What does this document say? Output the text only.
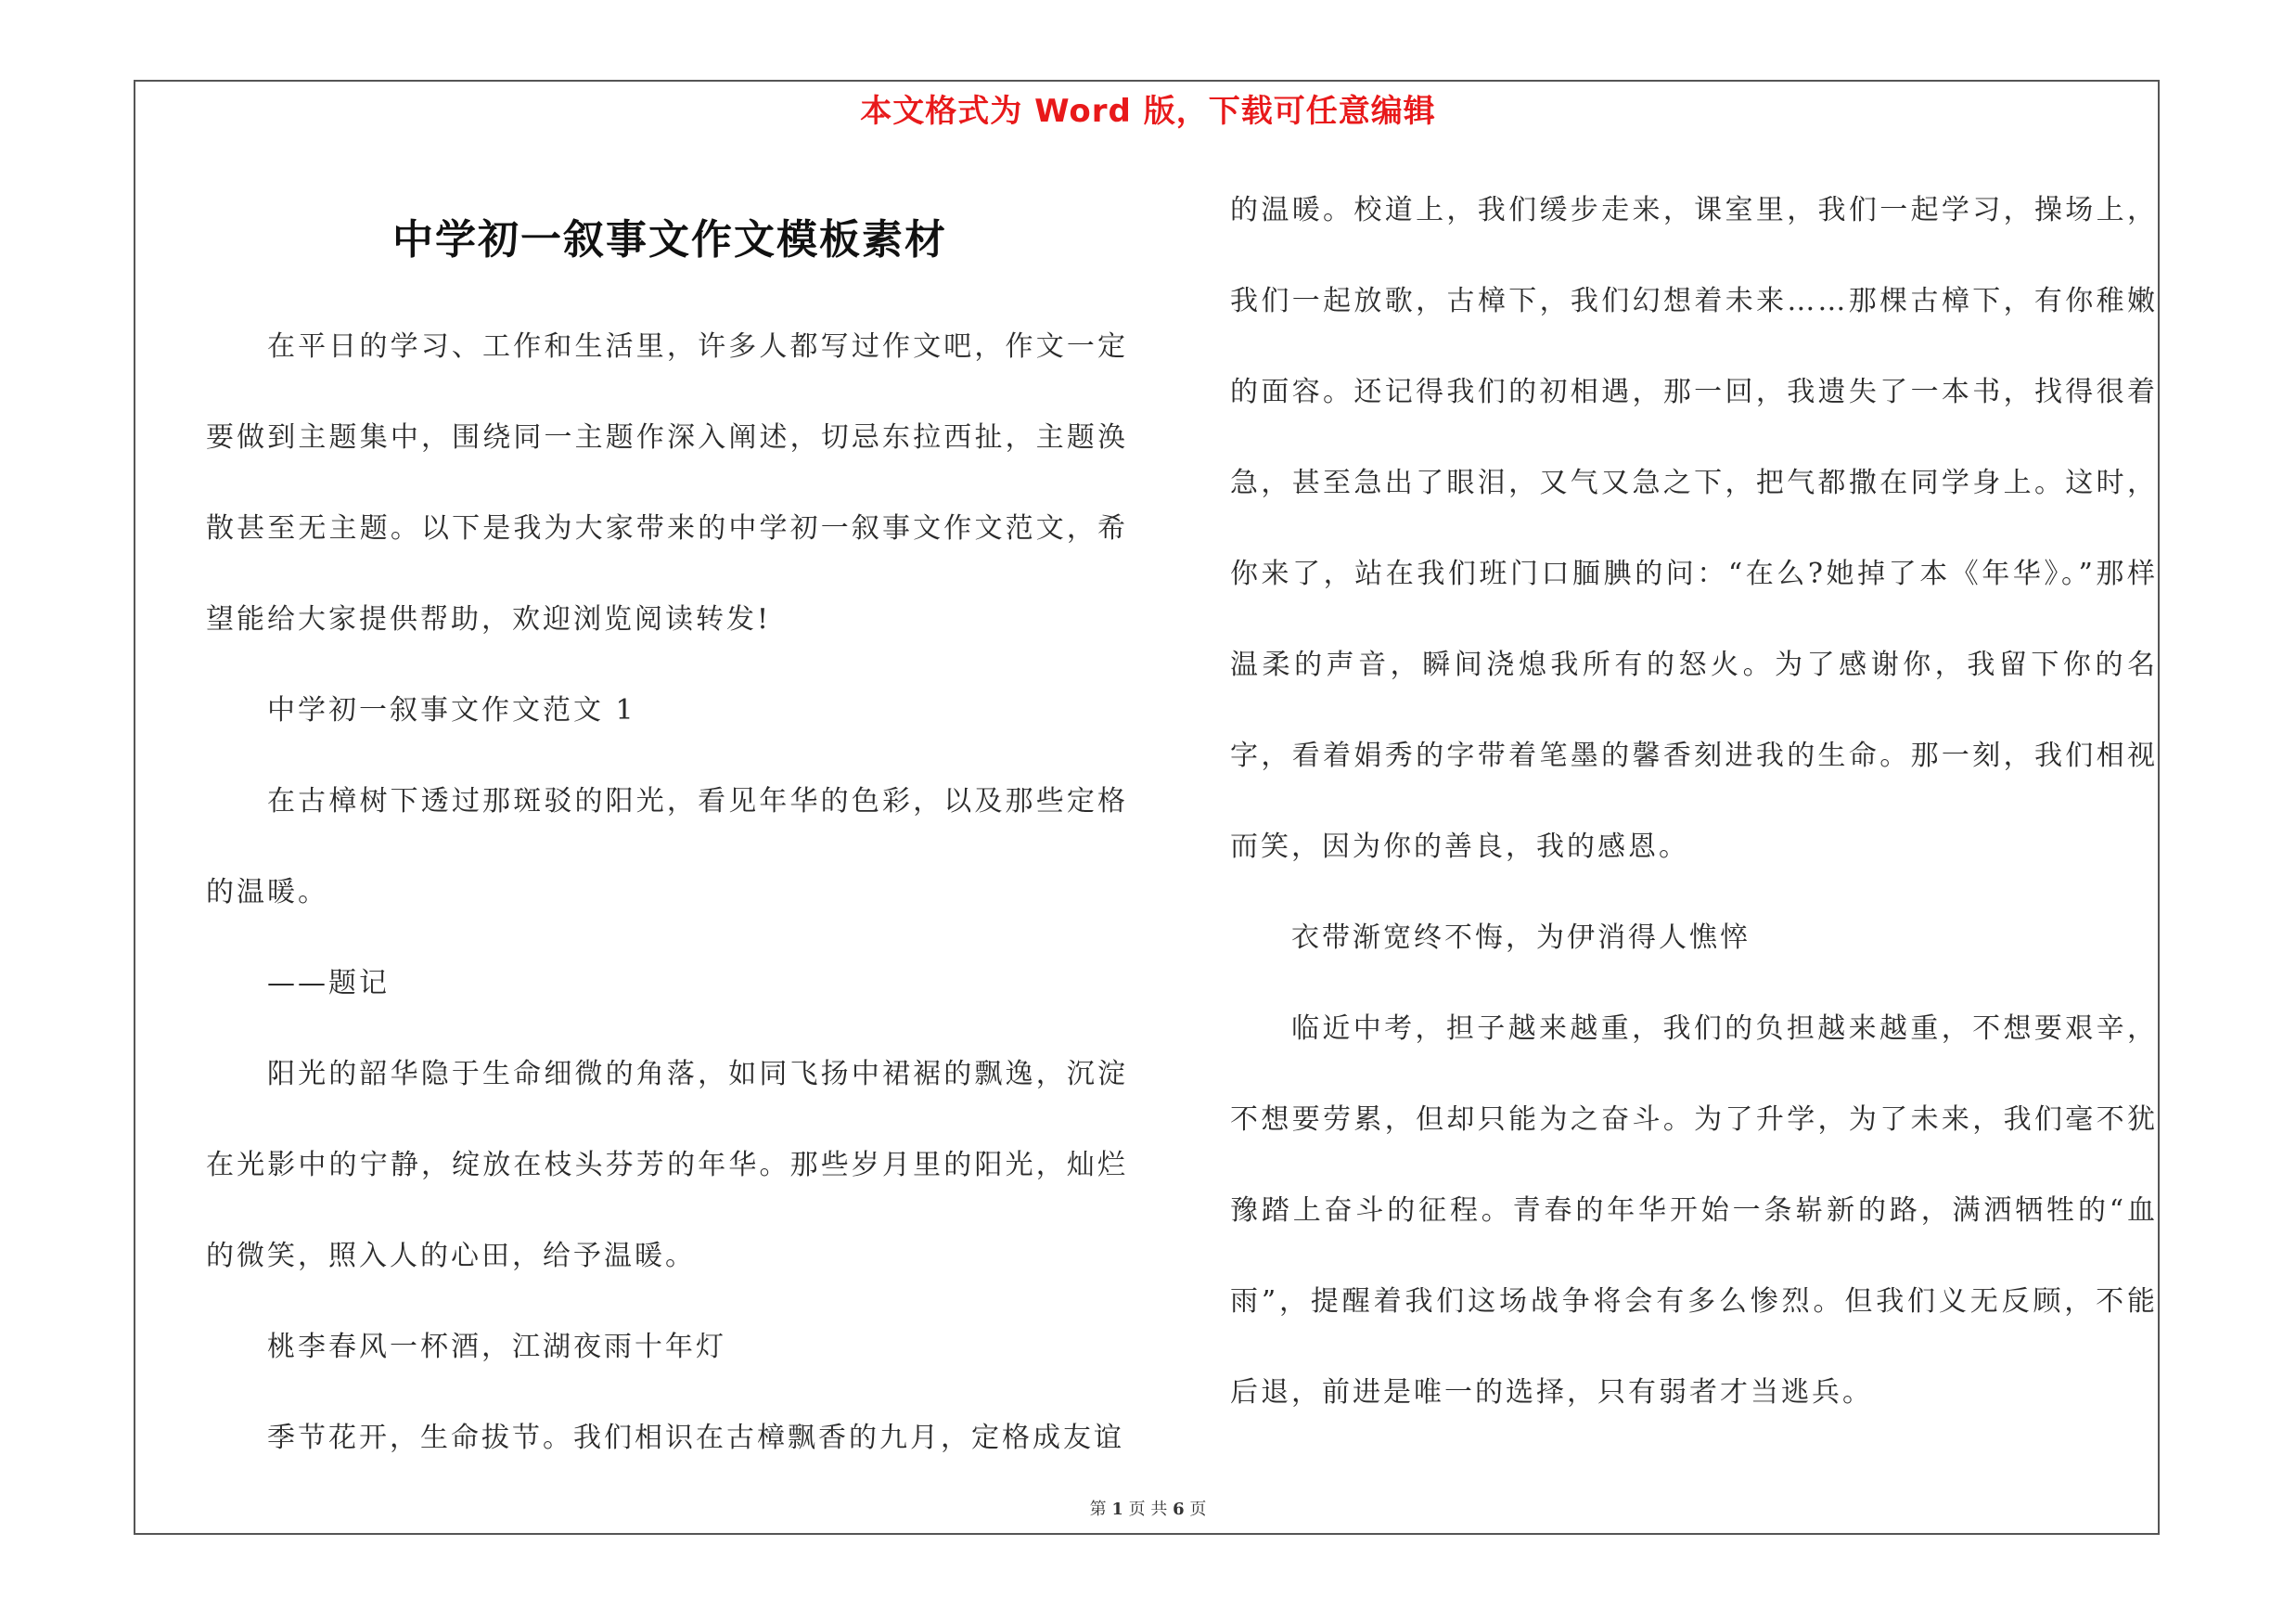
本文格式为 Word 版，下载可任意编辑
中学初一叙事文作文模板素材

在平日的学习、工作和生活里，许多人都写过作文吧，作文一定要做到主题集中，围绕同一主题作深入阐述，切忌东拉西扯，主题涣散甚至无主题。以下是我为大家带来的中学初一叙事文作文范文，希望能给大家提供帮助，欢迎浏览阅读转发!

中学初一叙事文作文范文 1

在古樟树下透过那斑驳的阳光，看见年华的色彩，以及那些定格的温暖。

——题记

阳光的韶华隐于生命细微的角落，如同飞扬中裙裾的飘逸，沉淀在光影中的宁静，绽放在枝头芬芳的年华。那些岁月里的阳光，灿烂的微笑，照入人的心田，给予温暖。

桃李春风一杯酒，江湖夜雨十年灯

季节花开，生命拔节。我们相识在古樟飘香的九月，定格成友谊

的温暖。校道上，我们缓步走来，课室里，我们一起学习，操场上，我们一起放歌，古樟下，我们幻想着未来……那棵古樟下，有你稚嫩的面容。还记得我们的初相遇，那一回，我遗失了一本书，找得很着急，甚至急出了眼泪，又气又急之下，把气都撒在同学身上。这时，你来了，站在我们班门口腼腆的问：“在么?她掉了本《年华》。”那样温柔的声音，瞬间浇熄我所有的怒火。为了感谢你，我留下你的名字，看着娟秀的字带着笔墨的馨香刻进我的生命。那一刻，我们相视而笑，因为你的善良，我的感恩。

衣带渐宽终不悔，为伊消得人憔悴

临近中考，担子越来越重，我们的负担越来越重，不想要艰辛，不想要劳累，但却只能为之奋斗。为了升学，为了未来，我们毫不犹豫踏上奋斗的征程。青春的年华开始一条崭新的路，满洒牺牲的“血雨”，提醒着我们这场战争将会有多么惨烈。但我们义无反顾，不能后退，前进是唯一的选择，只有弱者才当逃兵。

第 1 页 共 6 页
